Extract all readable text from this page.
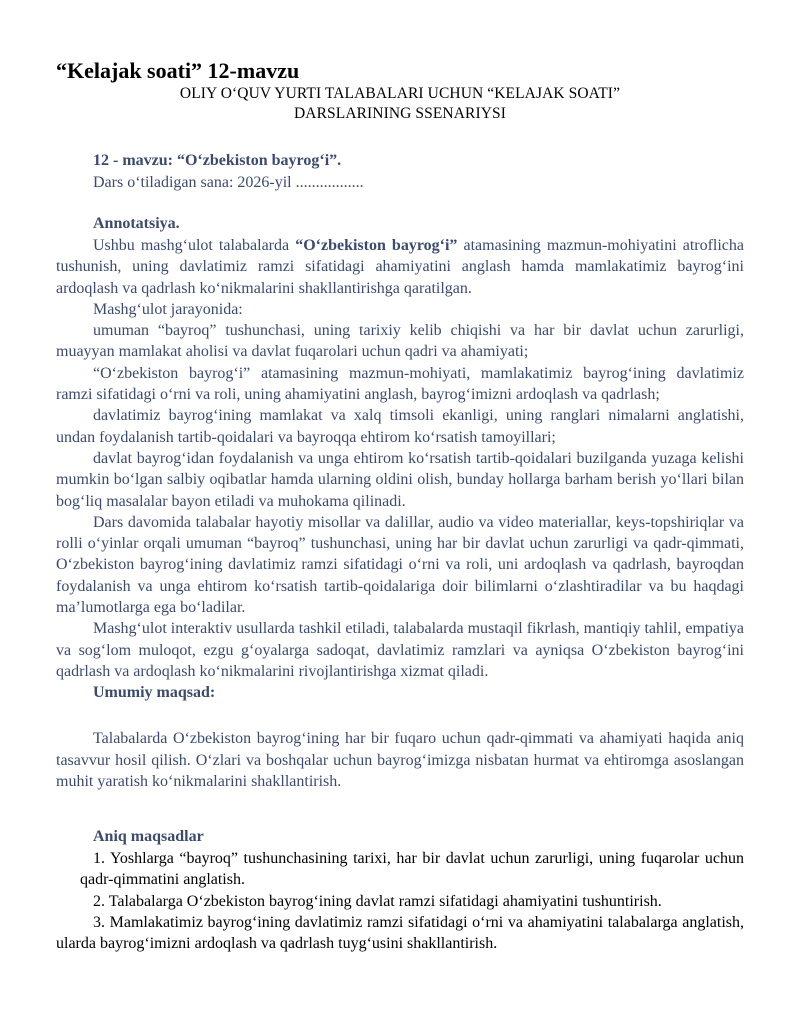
“Kelajak soati” 12-mavzu

OLIY O‘QUV YURTI TALABALARI UCHUN “KELAJAK SOATI”

DARSLARINING SSENARIYSI

12 - mavzu: “O‘zbekiston bayrog‘i”.
Dars o‘tiladigan sana: 2026-yil .................
Annotatsiya.

Ushbu mashg‘ulot talabalarda “O‘zbekiston bayrog‘i” atamasining mazmun-mohiyatini atroflicha tushunish, uning davlatimiz ramzi sifatidagi ahamiyatini anglash hamda mamlakatimiz bayrog‘ini ardoqlash va qadrlash ko‘nikmalarini shakllantirishga qaratilgan.

Mashg‘ulot jarayonida:

umuman “bayroq” tushunchasi, uning tarixiy kelib chiqishi va har bir davlat uchun zarurligi, muayyan mamlakat aholisi va davlat fuqarolari uchun qadri va ahamiyati;

“O‘zbekiston bayrog‘i” atamasining mazmun-mohiyati, mamlakatimiz bayrog‘ining davlatimiz ramzi sifatidagi o‘rni va roli, uning ahamiyatini anglash, bayrog‘imizni ardoqlash va qadrlash;

davlatimiz bayrog‘ining mamlakat va xalq timsoli ekanligi, uning ranglari nimalarni anglatishi, undan foydalanish tartib-qoidalari va bayroqqa ehtirom ko‘rsatish tamoyillari;

davlat bayrog‘idan foydalanish va unga ehtirom ko‘rsatish tartib-qoidalari buzilganda yuzaga kelishi mumkin bo‘lgan salbiy oqibatlar hamda ularning oldini olish, bunday hollarga barham berish yo‘llari bilan bog‘liq masalalar bayon etiladi va muhokama qilinadi.

Dars davomida talabalar hayotiy misollar va dalillar, audio va video materiallar, keys-topshiriqlar va rolli o‘yinlar orqali umuman “bayroq” tushunchasi, uning har bir davlat uchun zarurligi va qadr-qimmati, O‘zbekiston bayrog‘ining davlatimiz ramzi sifatidagi o‘rni va roli, uni ardoqlash va qadrlash, bayroqdan foydalanish va unga ehtirom ko‘rsatish tartib-qoidalariga doir bilimlarni o‘zlashtiradilar va bu haqdagi ma’lumotlarga ega bo‘ladilar.

Mashg‘ulot interaktiv usullarda tashkil etiladi, talabalarda mustaqil fikrlash, mantiqiy tahlil, empatiya va sog‘lom muloqot, ezgu g‘oyalarga sadoqat, davlatimiz ramzlari va ayniqsa O‘zbekiston bayrog‘ini qadrlash va ardoqlash ko‘nikmalarini rivojlantirishga xizmat qiladi.

Umumiy maqsad:

Talabalarda O‘zbekiston bayrog‘ining har bir fuqaro uchun qadr-qimmati va ahamiyati haqida aniq tasavvur hosil qilish. O‘zlari va boshqalar uchun bayrog‘imizga nisbatan hurmat va ehtiromga asoslangan muhit yaratish ko‘nikmalarini shakllantirish.

Aniq maqsadlar

1. Yoshlarga “bayroq” tushunchasining tarixi, har bir davlat uchun zarurligi, uning fuqarolar uchun qadr-qimmatini anglatish.

2. Talabalarga O‘zbekiston bayrog‘ining davlat ramzi sifatidagi ahamiyatini tushuntirish.

3. Mamlakatimiz bayrog‘ining davlatimiz ramzi sifatidagi o‘rni va ahamiyatini talabalarga anglatish, ularda bayrog‘imizni ardoqlash va qadrlash tuyg‘usini shakllantirish.
